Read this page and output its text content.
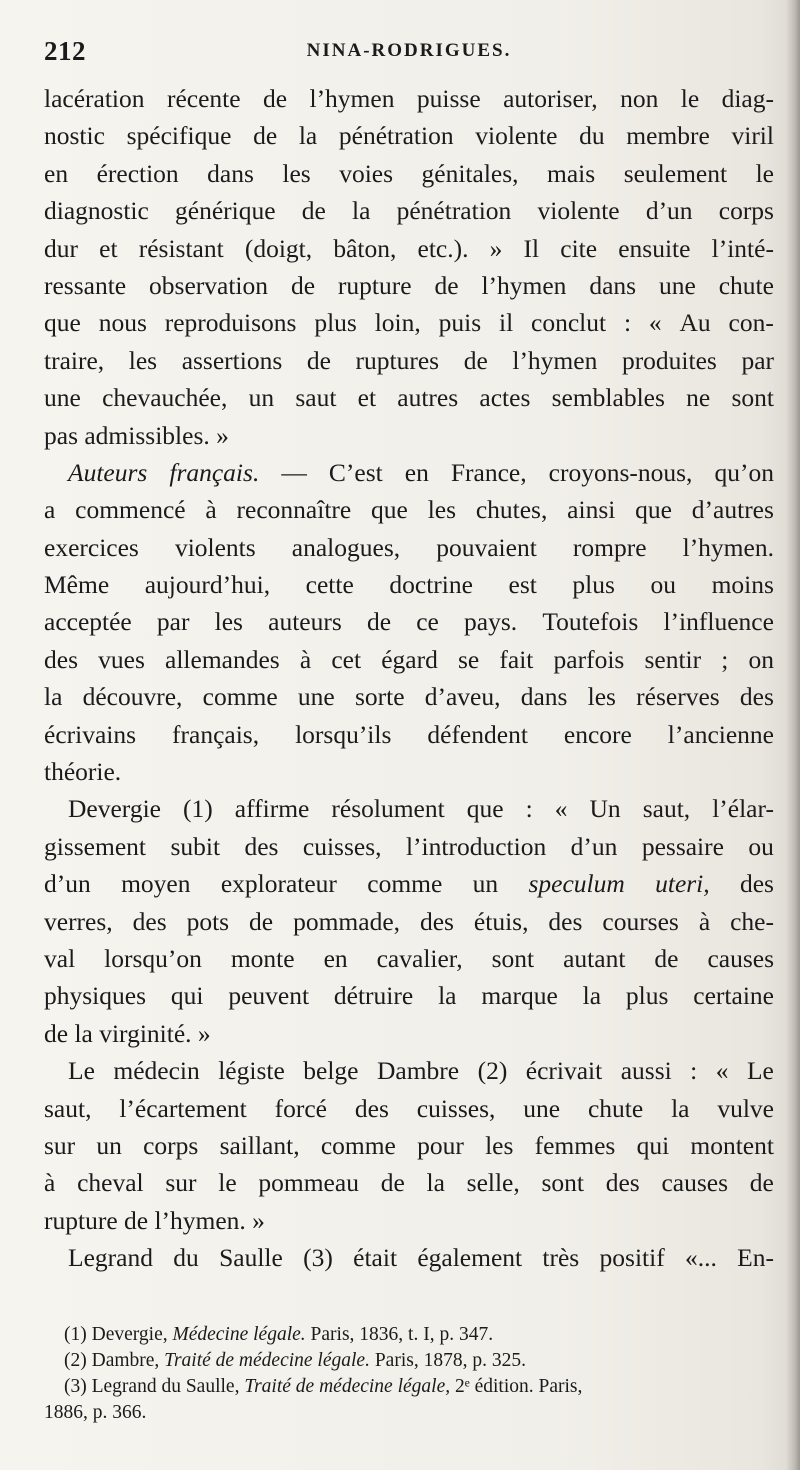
212	NINA-RODRIGUES.
lacération récente de l’hymen puisse autoriser, non le diag-
nostic spécifique de la pénétration violente du membre viril
en érection dans les voies génitales, mais seulement le
diagnostic générique de la pénétration violente d’un corps
dur et résistant (doigt, bâton, etc.). » Il cite ensuite l’inté-
ressante observation de rupture de l’hymen dans une chute
que nous reproduisons plus loin, puis il conclut : « Au con-
traire, les assertions de ruptures de l’hymen produites par
une chevauchée, un saut et autres actes semblables ne sont
pas admissibles. »
Auteurs français. — C’est en France, croyons-nous, qu’on
a commencé à reconnaître que les chutes, ainsi que d’autres
exercices violents analogues, pouvaient rompre l’hymen.
Même aujourd’hui, cette doctrine est plus ou moins
acceptée par les auteurs de ce pays. Toutefois l’influence
des vues allemandes à cet égard se fait parfois sentir ; on
la découvre, comme une sorte d’aveu, dans les réserves des
écrivains français, lorsqu’ils défendent encore l’ancienne
théorie.
Devergie (1) affirme résolument que : « Un saut, l’élar-
gissement subit des cuisses, l’introduction d’un pessaire ou
d’un moyen explorateur comme un speculum uteri, des
verres, des pots de pommade, des étuis, des courses à che-
val lorsqu’on monte en cavalier, sont autant de causes
physiques qui peuvent détruire la marque la plus certaine
de la virginité. »
Le médecin légiste belge Dambre (2) écrivait aussi : « Le
saut, l’écartement forcé des cuisses, une chute la vulve
sur un corps saillant, comme pour les femmes qui montent
à cheval sur le pommeau de la selle, sont des causes de
rupture de l’hymen. »
Legrand du Saulle (3) était également très positif «... En-
(1) Devergie, Médecine légale. Paris, 1836, t. I, p. 347.
(2) Dambre, Traité de médecine légale. Paris, 1878, p. 325.
(3) Legrand du Saulle, Traité de médecine légale, 2ᵉ édition. Paris,
1886, p. 366.
